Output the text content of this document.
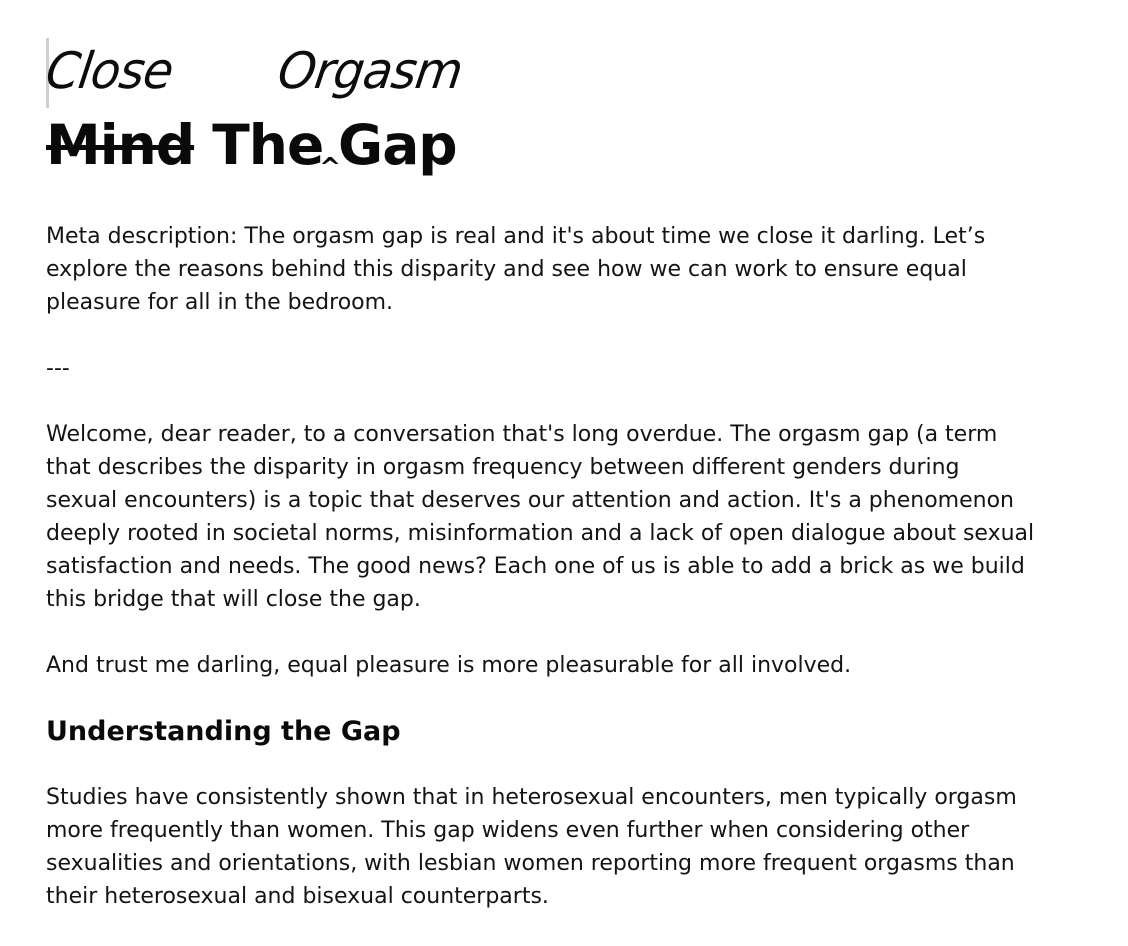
Close Orgasm
Mind The^Gap

Meta description: The orgasm gap is real and it's about time we close it darling. Let’s explore the reasons behind this disparity and see how we can work to ensure equal pleasure for all in the bedroom.

---

Welcome, dear reader, to a conversation that's long overdue. The orgasm gap (a term that describes the disparity in orgasm frequency between different genders during sexual encounters) is a topic that deserves our attention and action. It's a phenomenon deeply rooted in societal norms, misinformation and a lack of open dialogue about sexual satisfaction and needs. The good news? Each one of us is able to add a brick as we build this bridge that will close the gap.

And trust me darling, equal pleasure is more pleasurable for all involved.

Understanding the Gap

Studies have consistently shown that in heterosexual encounters, men typically orgasm more frequently than women. This gap widens even further when considering other sexualities and orientations, with lesbian women reporting more frequent orgasms than their heterosexual and bisexual counterparts.
